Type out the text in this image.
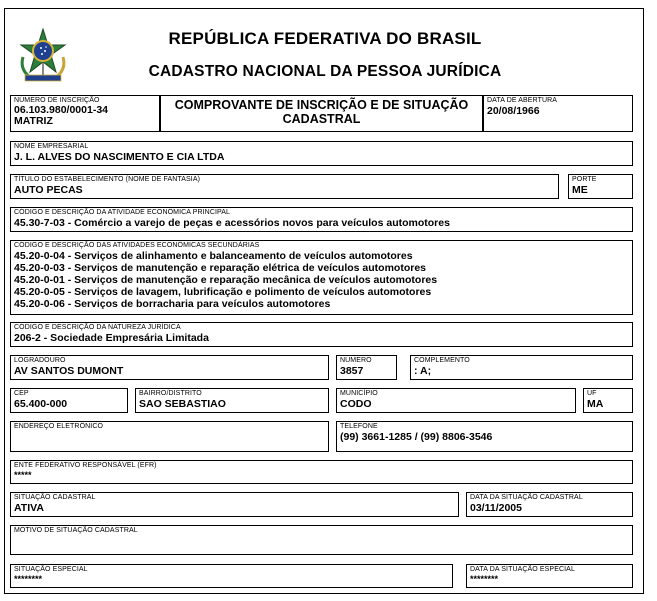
REPÚBLICA FEDERATIVA DO BRASIL
CADASTRO NACIONAL DA PESSOA JURÍDICA
NÚMERO DE INSCRIÇÃO
06.103.980/0001-34
MATRIZ
COMPROVANTE DE INSCRIÇÃO E DE SITUAÇÃO
CADASTRAL
DATA DE ABERTURA
20/08/1966
NOME EMPRESARIAL
J. L. ALVES DO NASCIMENTO E CIA LTDA
TÍTULO DO ESTABELECIMENTO (NOME DE FANTASIA)
AUTO PECAS
PORTE
ME
CÓDIGO E DESCRIÇÃO DA ATIVIDADE ECONÔMICA PRINCIPAL
45.30-7-03 - Comércio a varejo de peças e acessórios novos para veículos automotores
CÓDIGO E DESCRIÇÃO DAS ATIVIDADES ECONÔMICAS SECUNDÁRIAS
45.20-0-04 - Serviços de alinhamento e balanceamento de veículos automotores
45.20-0-03 - Serviços de manutenção e reparação elétrica de veículos automotores
45.20-0-01 - Serviços de manutenção e reparação mecânica de veículos automotores
45.20-0-05 - Serviços de lavagem, lubrificação e polimento de veículos automotores
45.20-0-06 - Serviços de borracharia para veículos automotores
CÓDIGO E DESCRIÇÃO DA NATUREZA JURÍDICA
206-2 - Sociedade Empresária Limitada
LOGRADOURO
AV SANTOS DUMONT
NÚMERO
3857
COMPLEMENTO
: A;
CEP
65.400-000
BAIRRO/DISTRITO
SAO SEBASTIAO
MUNICÍPIO
CODO
UF
MA
ENDEREÇO ELETRÔNICO	TELEFONE
(99) 3661-1285 / (99) 8806-3546
ENTE FEDERATIVO RESPONSÁVEL (EFR)
*****
SITUAÇÃO CADASTRAL
ATIVA
DATA DA SITUAÇÃO CADASTRAL
03/11/2005
MOTIVO DE SITUAÇÃO CADASTRAL
SITUAÇÃO ESPECIAL
********
DATA DA SITUAÇÃO ESPECIAL
********
